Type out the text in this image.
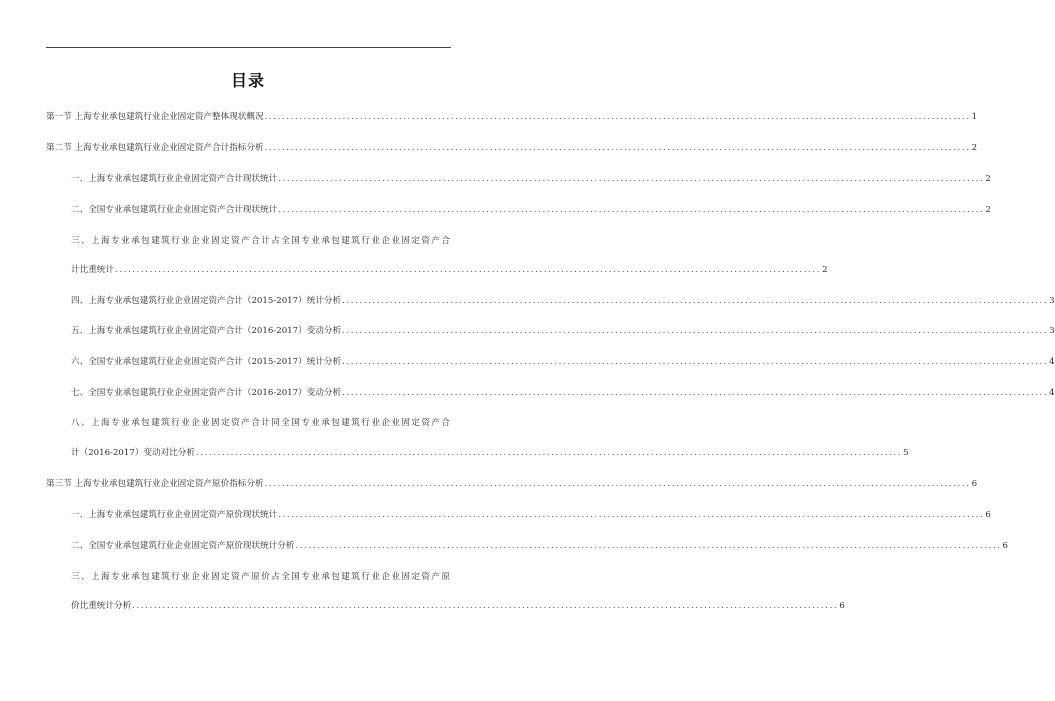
目录
第一节 上海专业承包建筑行业企业固定资产整体现状概况 ................................................................................................................................................................... 1
第二节 上海专业承包建筑行业企业固定资产合计指标分析 ................................................................................................................................................................... 2
一、上海专业承包建筑行业企业固定资产合计现状统计 ................................................................................................................................................................... 2
二、全国专业承包建筑行业企业固定资产合计现状统计 ................................................................................................................................................................... 2
三、上海专业承包建筑行业企业固定资产合计占全国专业承包建筑行业企业固定资产合
计比重统计 ................................................................................................................................................................... 2
四、上海专业承包建筑行业企业固定资产合计（2015-2017）统计分析 ................................................................................................................................................................... 3
五、上海专业承包建筑行业企业固定资产合计（2016-2017）变动分析 ................................................................................................................................................................... 3
六、全国专业承包建筑行业企业固定资产合计（2015-2017）统计分析 ................................................................................................................................................................... 4
七、全国专业承包建筑行业企业固定资产合计（2016-2017）变动分析 ................................................................................................................................................................... 4
八、上海专业承包建筑行业企业固定资产合计同全国专业承包建筑行业企业固定资产合
计（2016-2017）变动对比分析 ................................................................................................................................................................... 5
第三节 上海专业承包建筑行业企业固定资产原价指标分析 ................................................................................................................................................................... 6
一、上海专业承包建筑行业企业固定资产原价现状统计 ................................................................................................................................................................... 6
二、全国专业承包建筑行业企业固定资产原价现状统计分析 ................................................................................................................................................................... 6
三、上海专业承包建筑行业企业固定资产原价占全国专业承包建筑行业企业固定资产原
价比重统计分析 ................................................................................................................................................................... 6
